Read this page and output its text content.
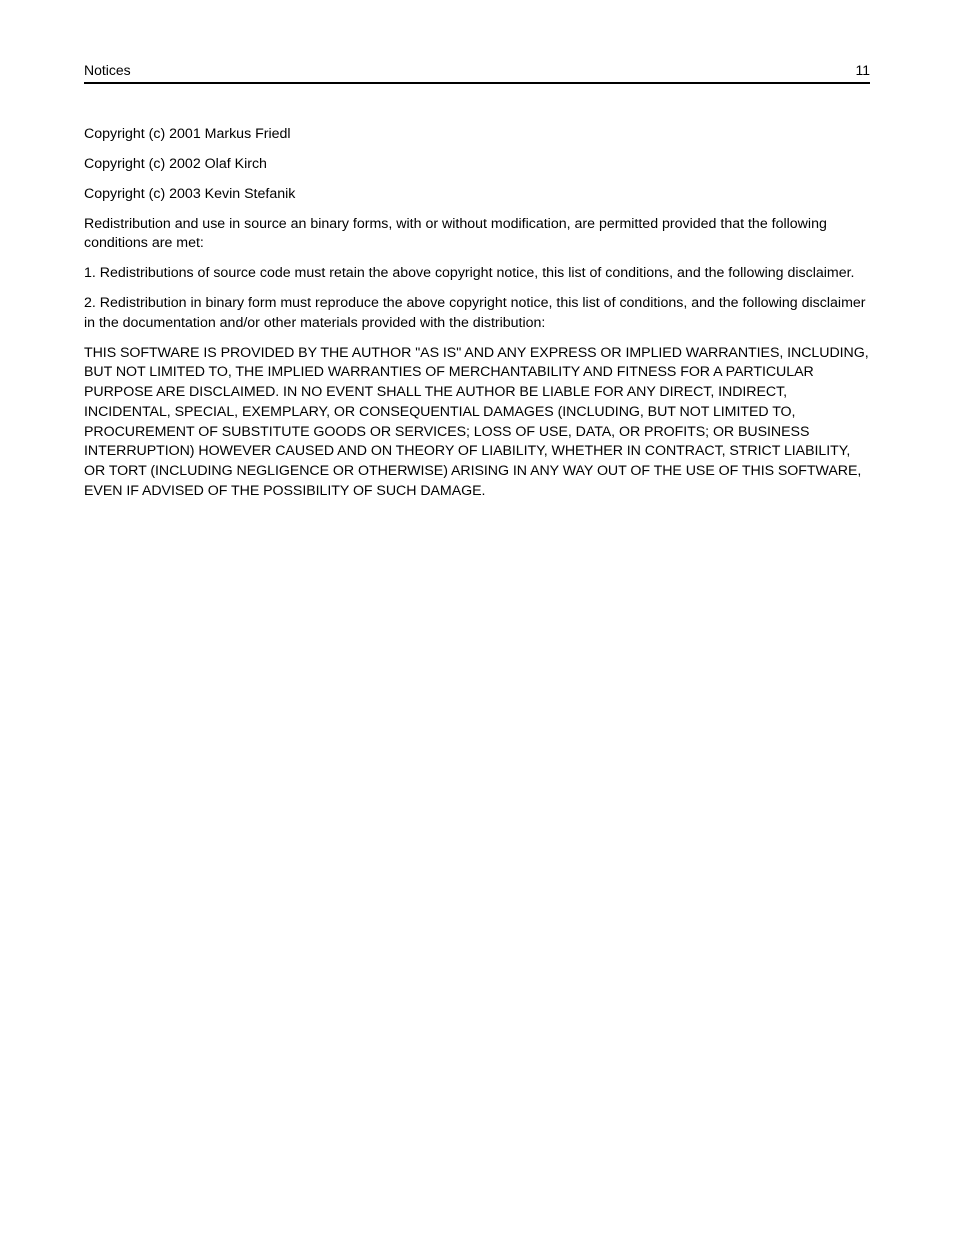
Notices	11

Copyright (c) 2001 Markus Friedl

Copyright (c) 2002 Olaf Kirch

Copyright (c) 2003 Kevin Stefanik

Redistribution and use in source an binary forms, with or without modification, are permitted provided that the following conditions are met:

1. Redistributions of source code must retain the above copyright notice, this list of conditions, and the following disclaimer.

2. Redistribution in binary form must reproduce the above copyright notice, this list of conditions, and the following disclaimer in the documentation and/or other materials provided with the distribution:

THIS SOFTWARE IS PROVIDED BY THE AUTHOR "AS IS" AND ANY EXPRESS OR IMPLIED WARRANTIES, INCLUDING, BUT NOT LIMITED TO, THE IMPLIED WARRANTIES OF MERCHANTABILITY AND FITNESS FOR A PARTICULAR PURPOSE ARE DISCLAIMED. IN NO EVENT SHALL THE AUTHOR BE LIABLE FOR ANY DIRECT, INDIRECT, INCIDENTAL, SPECIAL, EXEMPLARY, OR CONSEQUENTIAL DAMAGES (INCLUDING, BUT NOT LIMITED TO, PROCUREMENT OF SUBSTITUTE GOODS OR SERVICES; LOSS OF USE, DATA, OR PROFITS; OR BUSINESS INTERRUPTION) HOWEVER CAUSED AND ON THEORY OF LIABILITY, WHETHER IN CONTRACT, STRICT LIABILITY, OR TORT (INCLUDING NEGLIGENCE OR OTHERWISE) ARISING IN ANY WAY OUT OF THE USE OF THIS SOFTWARE, EVEN IF ADVISED OF THE POSSIBILITY OF SUCH DAMAGE.
